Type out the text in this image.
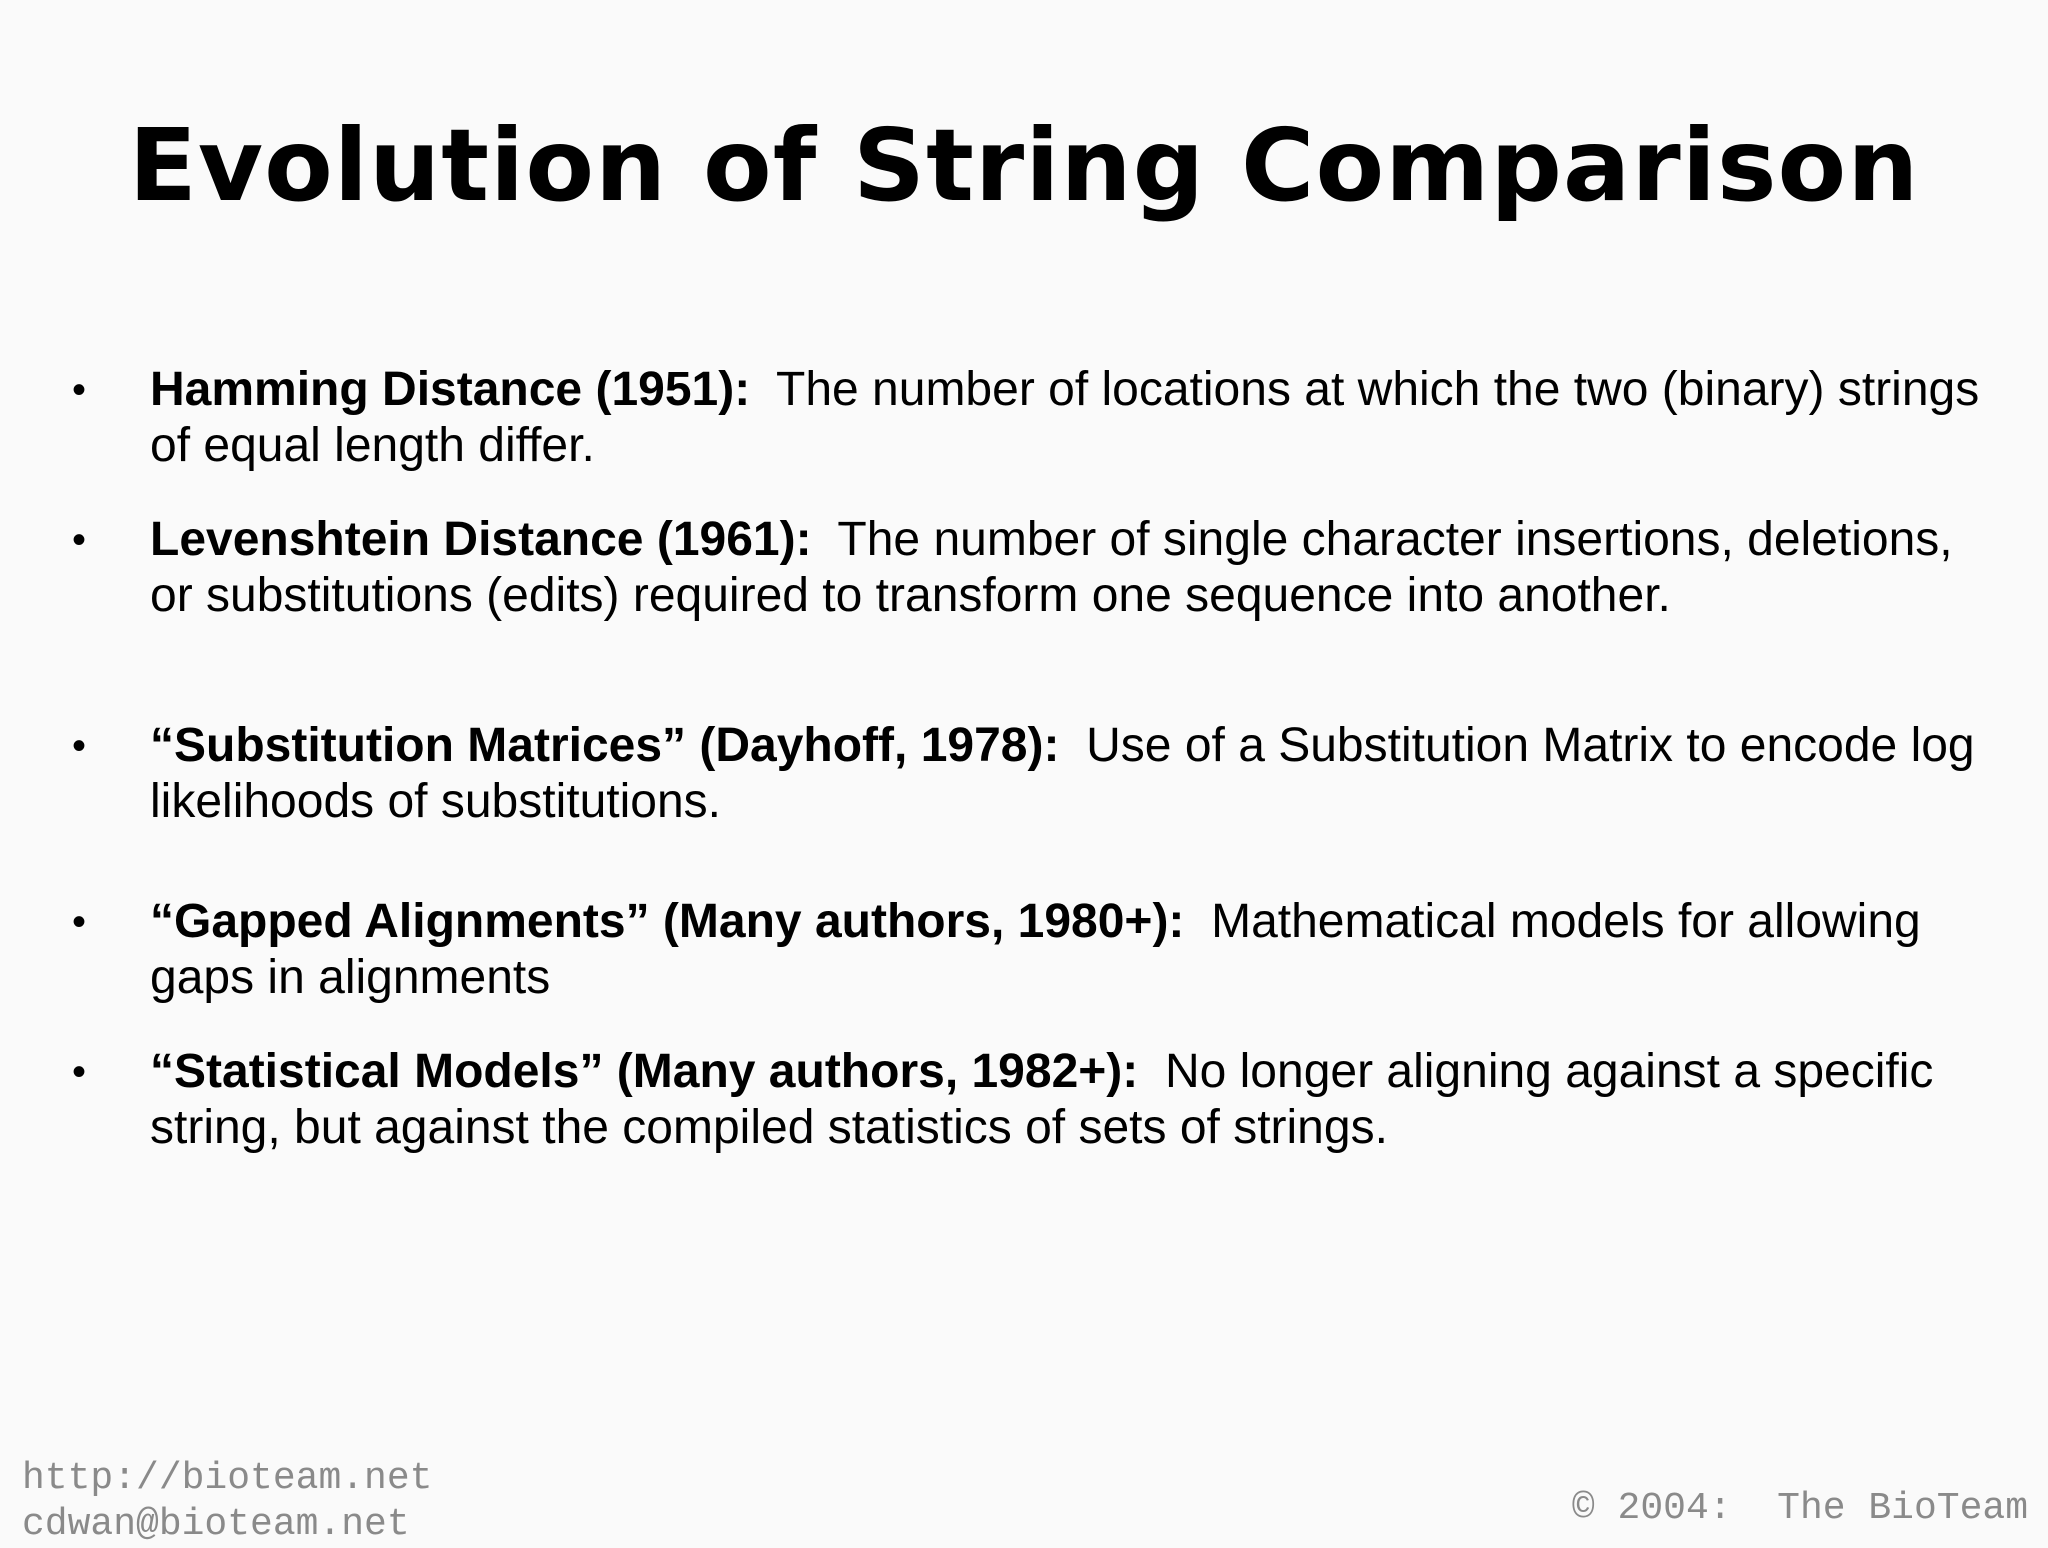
Evolution of String Comparison
•	Hamming Distance (1951): The number of locations at which the two (binary) strings of equal length differ.
•	Levenshtein Distance (1961): The number of single character insertions, deletions, or substitutions (edits) required to transform one sequence into another.
•	“Substitution Matrices” (Dayhoff, 1978): Use of a Substitution Matrix to encode log likelihoods of substitutions.
•	“Gapped Alignments” (Many authors, 1980+): Mathematical models for allowing gaps in alignments
•	“Statistical Models” (Many authors, 1982+): No longer aligning against a specific string, but against the compiled statistics of sets of strings.
http://bioteam.net
cdwan@bioteam.net	© 2004:  The BioTeam
